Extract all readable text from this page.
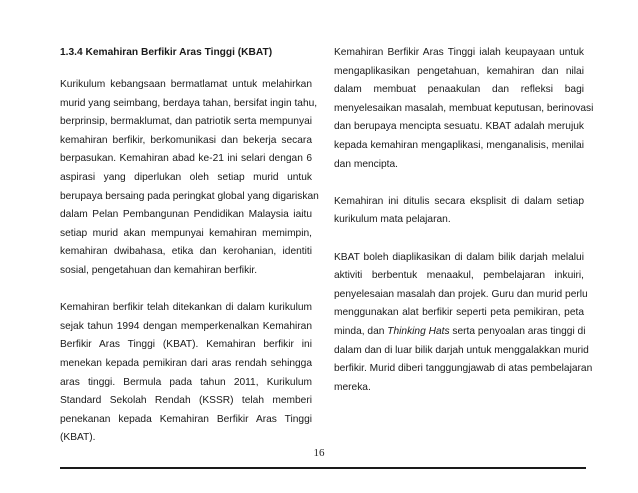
1.3.4 Kemahiran Berfikir Aras Tinggi (KBAT)

Kurikulum kebangsaan bermatlamat untuk melahirkan
murid yang seimbang, berdaya tahan, bersifat ingin tahu,
berprinsip, bermaklumat, dan patriotik serta mempunyai
kemahiran berfikir, berkomunikasi dan bekerja secara
berpasukan. Kemahiran abad ke-21 ini selari dengan 6
aspirasi yang diperlukan oleh setiap murid untuk
berupaya bersaing pada peringkat global yang digariskan
dalam Pelan Pembangunan Pendidikan Malaysia iaitu
setiap murid akan mempunyai kemahiran memimpin,
kemahiran dwibahasa, etika dan kerohanian, identiti
sosial, pengetahuan dan kemahiran berfikir.
Kemahiran berfikir telah ditekankan di dalam kurikulum
sejak tahun 1994 dengan memperkenalkan Kemahiran
Berfikir Aras Tinggi (KBAT). Kemahiran berfikir ini
menekan kepada pemikiran dari aras rendah sehingga
aras tinggi. Bermula pada tahun 2011, Kurikulum
Standard Sekolah Rendah (KSSR) telah memberi
penekanan kepada Kemahiran Berfikir Aras Tinggi
(KBAT).
Kemahiran Berfikir Aras Tinggi ialah keupayaan untuk
mengaplikasikan pengetahuan, kemahiran dan nilai
dalam membuat penaakulan dan refleksi bagi
menyelesaikan masalah, membuat keputusan, berinovasi
dan berupaya mencipta sesuatu. KBAT adalah merujuk
kepada kemahiran mengaplikasi, menganalisis, menilai
dan mencipta.
Kemahiran ini ditulis secara eksplisit di dalam setiap
kurikulum mata pelajaran.
KBAT boleh diaplikasikan di dalam bilik darjah melalui
aktiviti berbentuk menaakul, pembelajaran inkuiri,
penyelesaian masalah dan projek. Guru dan murid perlu
menggunakan alat berfikir seperti peta pemikiran, peta
minda, dan Thinking Hats serta penyoalan aras tinggi di
dalam dan di luar bilik darjah untuk menggalakkan murid
berfikir. Murid diberi tanggungjawab di atas pembelajaran
mereka.
16
